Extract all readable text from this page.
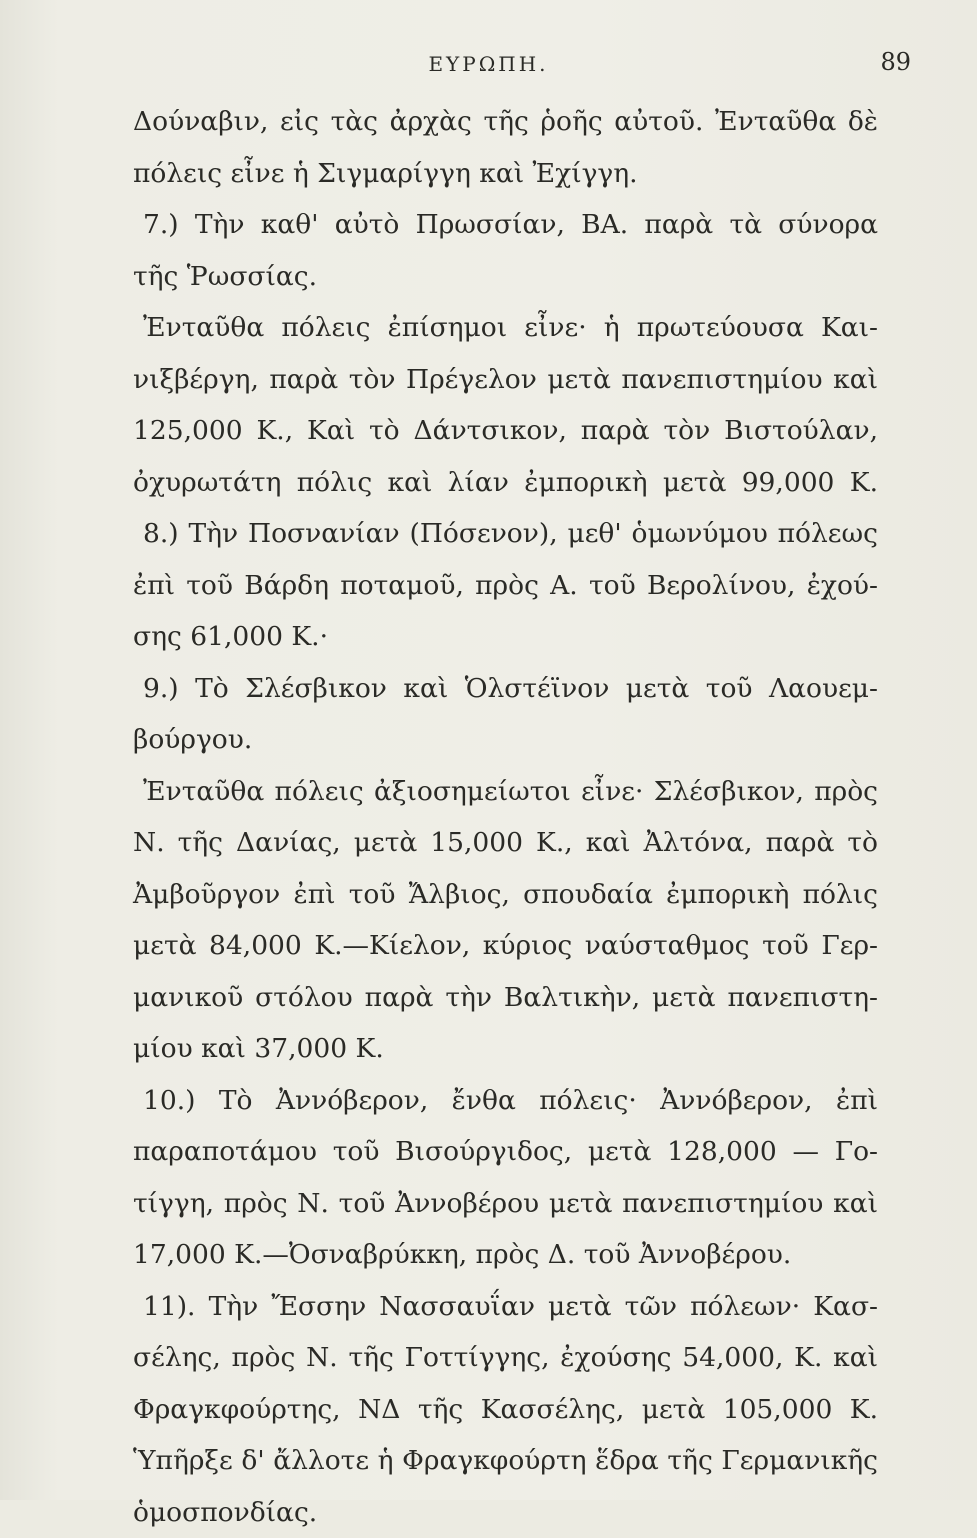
ΕΥΡΩΠΗ.	89
Δούναβιν, εἰς τὰς ἀρχὰς τῆς ῥοῆς αὐτοῦ. Ἐνταῦθα δὲ
πόλεις εἶνε ἡ Σιγμαρίγγη καὶ Ἐχίγγη.
7.) Τὴν καθ' αὐτὸ Πρωσσίαν, ΒΑ. παρὰ τὰ σύνορα
τῆς Ῥωσσίας.
Ἐνταῦθα πόλεις ἐπίσημοι εἶνε· ἡ πρωτεύουσα Και-
νιξβέργη, παρὰ τὸν Πρέγελον μετὰ πανεπιστημίου καὶ
125,000 Κ., Καὶ τὸ Δάντσικον, παρὰ τὸν Βιστούλαν,
ὀχυρωτάτη πόλις καὶ λίαν ἐμπορικὴ μετὰ 99,000 Κ.
8.) Τὴν Ποσνανίαν (Πόσενον), μεθ' ὁμωνύμου πόλεως
ἐπὶ τοῦ Βάρδη ποταμοῦ, πρὸς Α. τοῦ Βερολίνου, ἐχού-
σης 61,000 Κ.·
9.) Τὸ Σλέσβικον καὶ Ὁλστέϊνον μετὰ τοῦ Λαουεμ-
βούργου.
Ἐνταῦθα πόλεις ἀξιοσημείωτοι εἶνε· Σλέσβικον, πρὸς
Ν. τῆς Δανίας, μετὰ 15,000 Κ., καὶ Ἀλτόνα, παρὰ τὸ
Ἀμβοῦργον ἐπὶ τοῦ Ἄλβιος, σπουδαία ἐμπορικὴ πόλις
μετὰ 84,000 Κ.—Κίελον, κύριος ναύσταθμος τοῦ Γερ-
μανικοῦ στόλου παρὰ τὴν Βαλτικὴν, μετὰ πανεπιστη-
μίου καὶ 37,000 Κ.
10.) Τὸ Ἀννόβερον, ἔνθα πόλεις· Ἀννόβερον, ἐπὶ
παραποτάμου τοῦ Βισούργιδος, μετὰ 128,000 — Γο-
τίγγη, πρὸς Ν. τοῦ Ἀννοβέρου μετὰ πανεπιστημίου καὶ
17,000 Κ.—Ὀσναβρύκκη, πρὸς Δ. τοῦ Ἀννοβέρου.
11). Τὴν Ἔσσην Νασσαυΐαν μετὰ τῶν πόλεων· Κασ-
σέλης, πρὸς Ν. τῆς Γοττίγγης, ἐχούσης 54,000, Κ. καὶ
Φραγκφούρτης, ΝΔ τῆς Κασσέλης, μετὰ 105,000 Κ.
Ὑπῆρξε δ' ἄλλοτε ἡ Φραγκφούρτη ἕδρα τῆς Γερμανικῆς
ὁμοσπονδίας.
